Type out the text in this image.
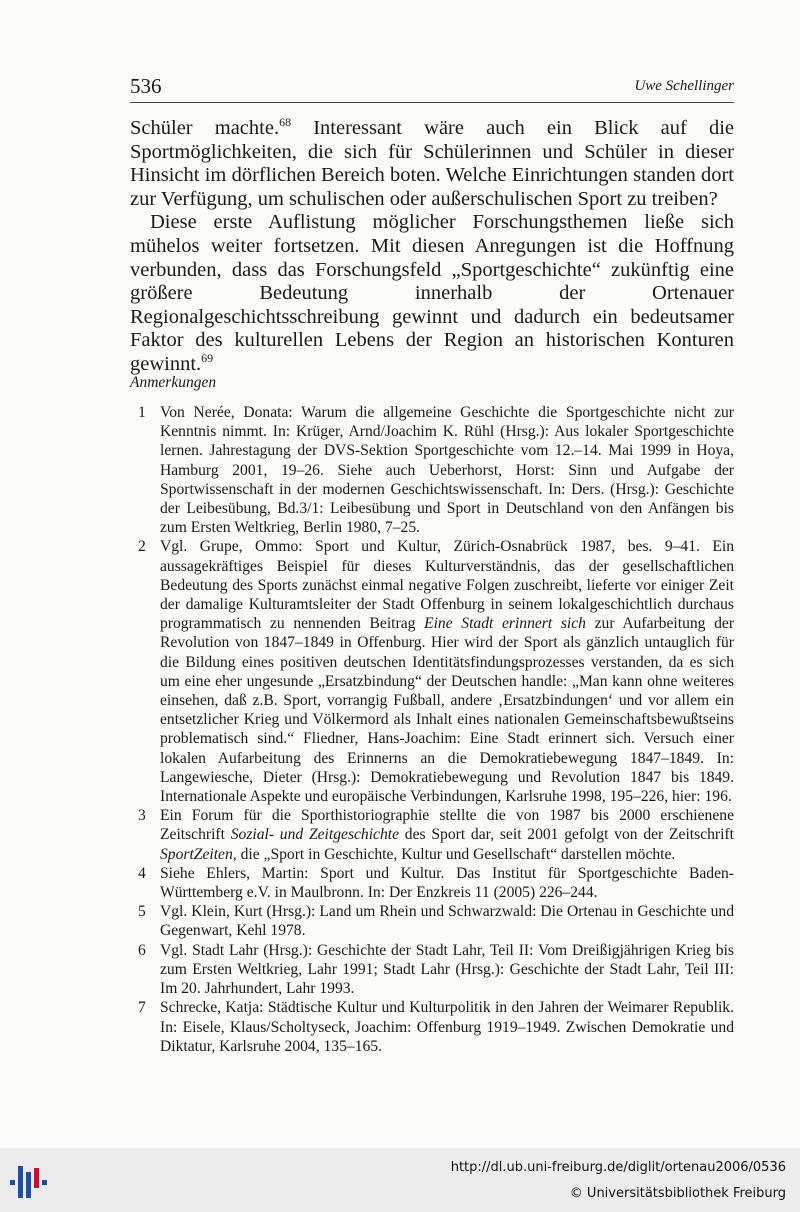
536	Uwe Schellinger

Schüler machte.$^{68}$ Interessant wäre auch ein Blick auf die Sportmöglichkeiten, die sich für Schülerinnen und Schüler in dieser Hinsicht im dörflichen Bereich boten. Welche Einrichtungen standen dort zur Verfügung, um schulischen oder außerschulischen Sport zu treiben?

Diese erste Auflistung möglicher Forschungsthemen ließe sich mühelos weiter fortsetzen. Mit diesen Anregungen ist die Hoffnung verbunden, dass das Forschungsfeld „Sportgeschichte“ zukünftig eine größere Bedeutung innerhalb der Ortenauer Regionalgeschichtsschreibung gewinnt und dadurch ein bedeutsamer Faktor des kulturellen Lebens der Region an historischen Konturen gewinnt.$^{69}$

Anmerkungen
1 Von Nerée, Donata: Warum die allgemeine Geschichte die Sportgeschichte nicht zur Kenntnis nimmt. In: Krüger, Arnd/Joachim K. Rühl (Hrsg.): Aus lokaler Sportgeschichte lernen. Jahrestagung der DVS-Sektion Sportgeschichte vom 12.–14. Mai 1999 in Hoya, Hamburg 2001, 19–26. Siehe auch Ueberhorst, Horst: Sinn und Aufgabe der Sportwissenschaft in der modernen Geschichtswissenschaft. In: Ders. (Hrsg.): Geschichte der Leibesübung, Bd.3/1: Leibesübung und Sport in Deutschland von den Anfängen bis zum Ersten Weltkrieg, Berlin 1980, 7–25.
2 Vgl. Grupe, Ommo: Sport und Kultur, Zürich-Osnabrück 1987, bes. 9–41. Ein aussagekräftiges Beispiel für dieses Kulturverständnis, das der gesellschaftlichen Bedeutung des Sports zunächst einmal negative Folgen zuschreibt, lieferte vor einiger Zeit der damalige Kulturamtsleiter der Stadt Offenburg in seinem lokalgeschichtlich durchaus programmatisch zu nennenden Beitrag Eine Stadt erinnert sich zur Aufarbeitung der Revolution von 1847–1849 in Offenburg. Hier wird der Sport als gänzlich untauglich für die Bildung eines positiven deutschen Identitätsfindungsprozesses verstanden, da es sich um eine eher ungesunde „Ersatzbindung“ der Deutschen handle: „Man kann ohne weiteres einsehen, daß z.B. Sport, vorrangig Fußball, andere ‚Ersatzbindungen‘ und vor allem ein entsetzlicher Krieg und Völkermord als Inhalt eines nationalen Gemeinschaftsbewußtseins problematisch sind.“ Fliedner, Hans-Joachim: Eine Stadt erinnert sich. Versuch einer lokalen Aufarbeitung des Erinnerns an die Demokratiebewegung 1847–1849. In: Langewiesche, Dieter (Hrsg.): Demokratiebewegung und Revolution 1847 bis 1849. Internationale Aspekte und europäische Verbindungen, Karlsruhe 1998, 195–226, hier: 196.
3 Ein Forum für die Sporthistoriographie stellte die von 1987 bis 2000 erschienene Zeitschrift Sozial- und Zeitgeschichte des Sport dar, seit 2001 gefolgt von der Zeitschrift SportZeiten, die „Sport in Geschichte, Kultur und Gesellschaft“ darstellen möchte.
4 Siehe Ehlers, Martin: Sport und Kultur. Das Institut für Sportgeschichte Baden-Württemberg e.V. in Maulbronn. In: Der Enzkreis 11 (2005) 226–244.
5 Vgl. Klein, Kurt (Hrsg.): Land um Rhein und Schwarzwald: Die Ortenau in Geschichte und Gegenwart, Kehl 1978.
6 Vgl. Stadt Lahr (Hrsg.): Geschichte der Stadt Lahr, Teil II: Vom Dreißigjährigen Krieg bis zum Ersten Weltkrieg, Lahr 1991; Stadt Lahr (Hrsg.): Geschichte der Stadt Lahr, Teil III: Im 20. Jahrhundert, Lahr 1993.
7 Schrecke, Katja: Städtische Kultur und Kulturpolitik in den Jahren der Weimarer Republik. In: Eisele, Klaus/Scholtyseck, Joachim: Offenburg 1919–1949. Zwischen Demokratie und Diktatur, Karlsruhe 2004, 135–165.
http://dl.ub.uni-freiburg.de/diglit/ortenau2006/0536
© Universitätsbibliothek Freiburg
